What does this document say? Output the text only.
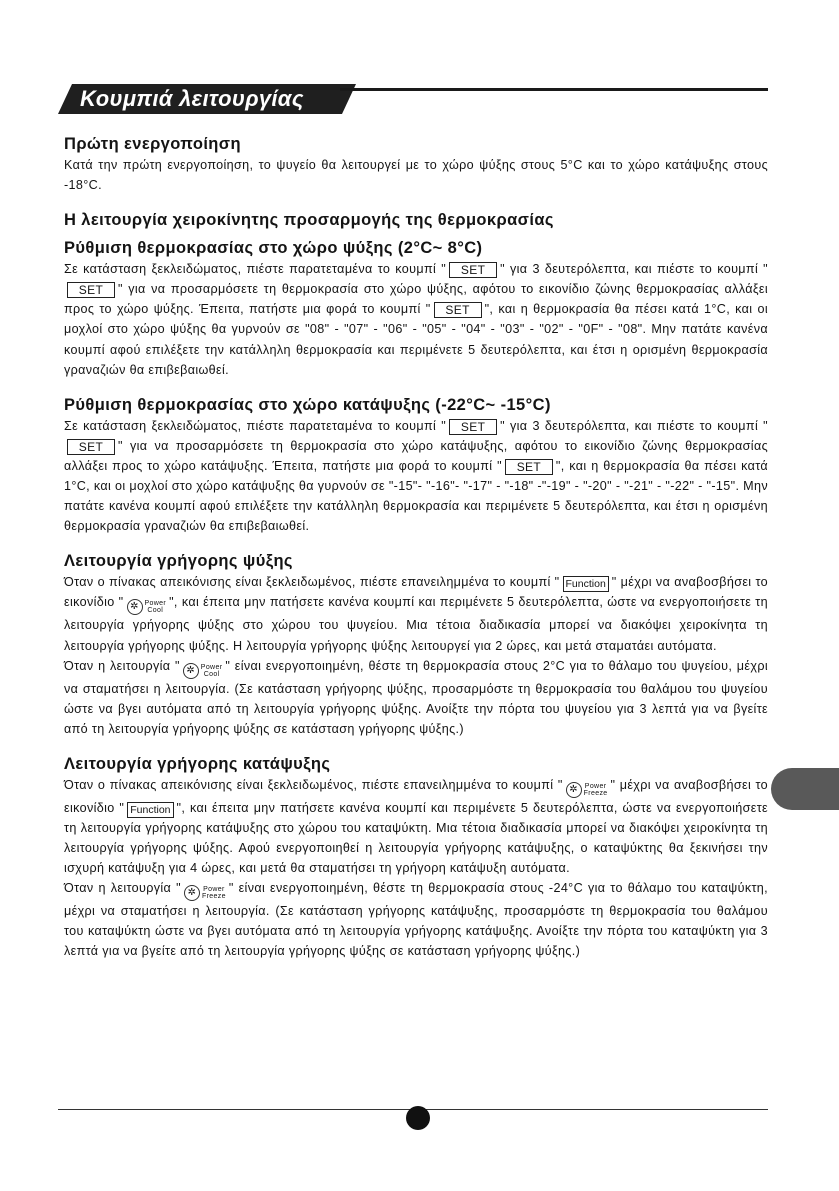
Κουμπιά λειτουργίας
Πρώτη ενεργοποίηση

Κατά την πρώτη ενεργοποίηση, το ψυγείο θα λειτουργεί με το χώρο ψύξης στους 5°C και το χώρο κατάψυξης στους -18°C.

Η λειτουργία χειροκίνητης προσαρμογής της θερμοκρασίας
Ρύθμιση θερμοκρασίας στο χώρο ψύξης (2°C~ 8°C)

Σε κατάσταση ξεκλειδώματος, πιέστε παρατεταμένα το κουμπί " SET " για 3 δευτερόλεπτα, και πιέστε το κουμπί "SET " για να προσαρμόσετε τη θερμοκρασία στο χώρο ψύξης, αφότου το εικονίδιο ζώνης θερμοκρασίας αλλάξει προς το χώρο ψύξης. Έπειτα, πατήστε μια φορά το κουμπί " SET ", και η θερμοκρασία θα πέσει κατά 1°C, και οι μοχλοί στο χώρο ψύξης θα γυρνούν σε "08" - "07" - "06" - "05" - "04" - "03" - "02" - "0F" - "08". Μην πατάτε κανένα κουμπί αφού επιλέξετε την κατάλληλη θερμοκρασία και περιμένετε 5 δευτερόλεπτα, και έτσι η ορισμένη θερμοκρασία γραναζιών θα επιβεβαιωθεί.

Ρύθμιση θερμοκρασίας στο χώρο κατάψυξης (-22°C~ -15°C)

Σε κατάσταση ξεκλειδώματος, πιέστε παρατεταμένα το κουμπί " SET " για 3 δευτερόλεπτα, και πιέστε το κουμπί "SET " για να προσαρμόσετε τη θερμοκρασία στο χώρο κατάψυξης, αφότου το εικονίδιο ζώνης θερμοκρασίας αλλάξει προς το χώρο κατάψυξης. Έπειτα, πατήστε μια φορά το κουμπί " SET ", και η θερμοκρασία θα πέσει κατά 1°C, και οι μοχλοί στο χώρο κατάψυξης θα γυρνούν σε "-15"- "-16"- "-17" - "-18" -"-19" - "-20" - "-21" - "-22" - "-15". Μην πατάτε κανένα κουμπί αφού επιλέξετε την κατάλληλη θερμοκρασία και περιμένετε 5 δευτερόλεπτα, και έτσι η ορισμένη θερμοκρασία γραναζιών θα επιβεβαιωθεί.

Λειτουργία γρήγορης ψύξης

Όταν ο πίνακας απεικόνισης είναι ξεκλειδωμένος, πιέστε επανειλημμένα το κουμπί " Function " μέχρι να αναβοσβήσει το εικονίδιο " ✲ Power
Cool
", και έπειτα μην πατήσετε κανένα κουμπί και περιμένετε 5 δευτερόλεπτα, ώστε να ενεργοποιήσετε τη λειτουργία γρήγορης ψύξης στο χώρου του ψυγείου. Μια τέτοια διαδικασία μπορεί να διακόψει χειροκίνητα τη λειτουργία γρήγορης ψύξης. Η λειτουργία γρήγορης ψύξης λειτουργεί για 2 ώρες, και μετά σταματάει αυτόματα.

Όταν η λειτουργία " ✲ Power
Cool
" είναι ενεργοποιημένη, θέστε τη θερμοκρασία στους 2°C για το θάλαμο του ψυγείου, μέχρι να σταματήσει η λειτουργία. (Σε κατάσταση γρήγορης ψύξης, προσαρμόστε τη θερμοκρασία του θαλάμου του ψυγείου ώστε να βγει αυτόματα από τη λειτουργία γρήγορης ψύξης. Ανοίξτε την πόρτα του ψυγείου για 3 λεπτά για να βγείτε από τη λειτουργία γρήγορης ψύξης σε κατάσταση γρήγορης ψύξης.)

Λειτουργία γρήγορης κατάψυξης

Όταν ο πίνακας απεικόνισης είναι ξεκλειδωμένος, πιέστε επανειλημμένα το κουμπί " ✲ Power
Freeze
" μέχρι να αναβοσβήσει το εικονίδιο " Function ", και έπειτα μην πατήσετε κανένα κουμπί και περιμένετε 5 δευτερόλεπτα, ώστε να ενεργοποιήσετε τη λειτουργία γρήγορης κατάψυξης στο χώρου του καταψύκτη. Μια τέτοια διαδικασία μπορεί να διακόψει χειροκίνητα τη λειτουργία γρήγορης ψύξης. Αφού ενεργοποιηθεί η λειτουργία γρήγορης κατάψυξης, ο καταψύκτης θα ξεκινήσει την ισχυρή κατάψυξη για 4 ώρες, και μετά θα σταματήσει τη γρήγορη κατάψυξη αυτόματα.

Όταν η λειτουργία " ✲ Power
Freeze
" είναι ενεργοποιημένη, θέστε τη θερμοκρασία στους -24°C για το θάλαμο του καταψύκτη, μέχρι να σταματήσει η λειτουργία. (Σε κατάσταση γρήγορης κατάψυξης, προσαρμόστε τη θερμοκρασία του θαλάμου του καταψύκτη ώστε να βγει αυτόματα από τη λειτουργία γρήγορης κατάψυξης. Ανοίξτε την πόρτα του καταψύκτη για 3 λεπτά για να βγείτε από τη λειτουργία γρήγορης ψύξης σε κατάσταση γρήγορης ψύξης.)
